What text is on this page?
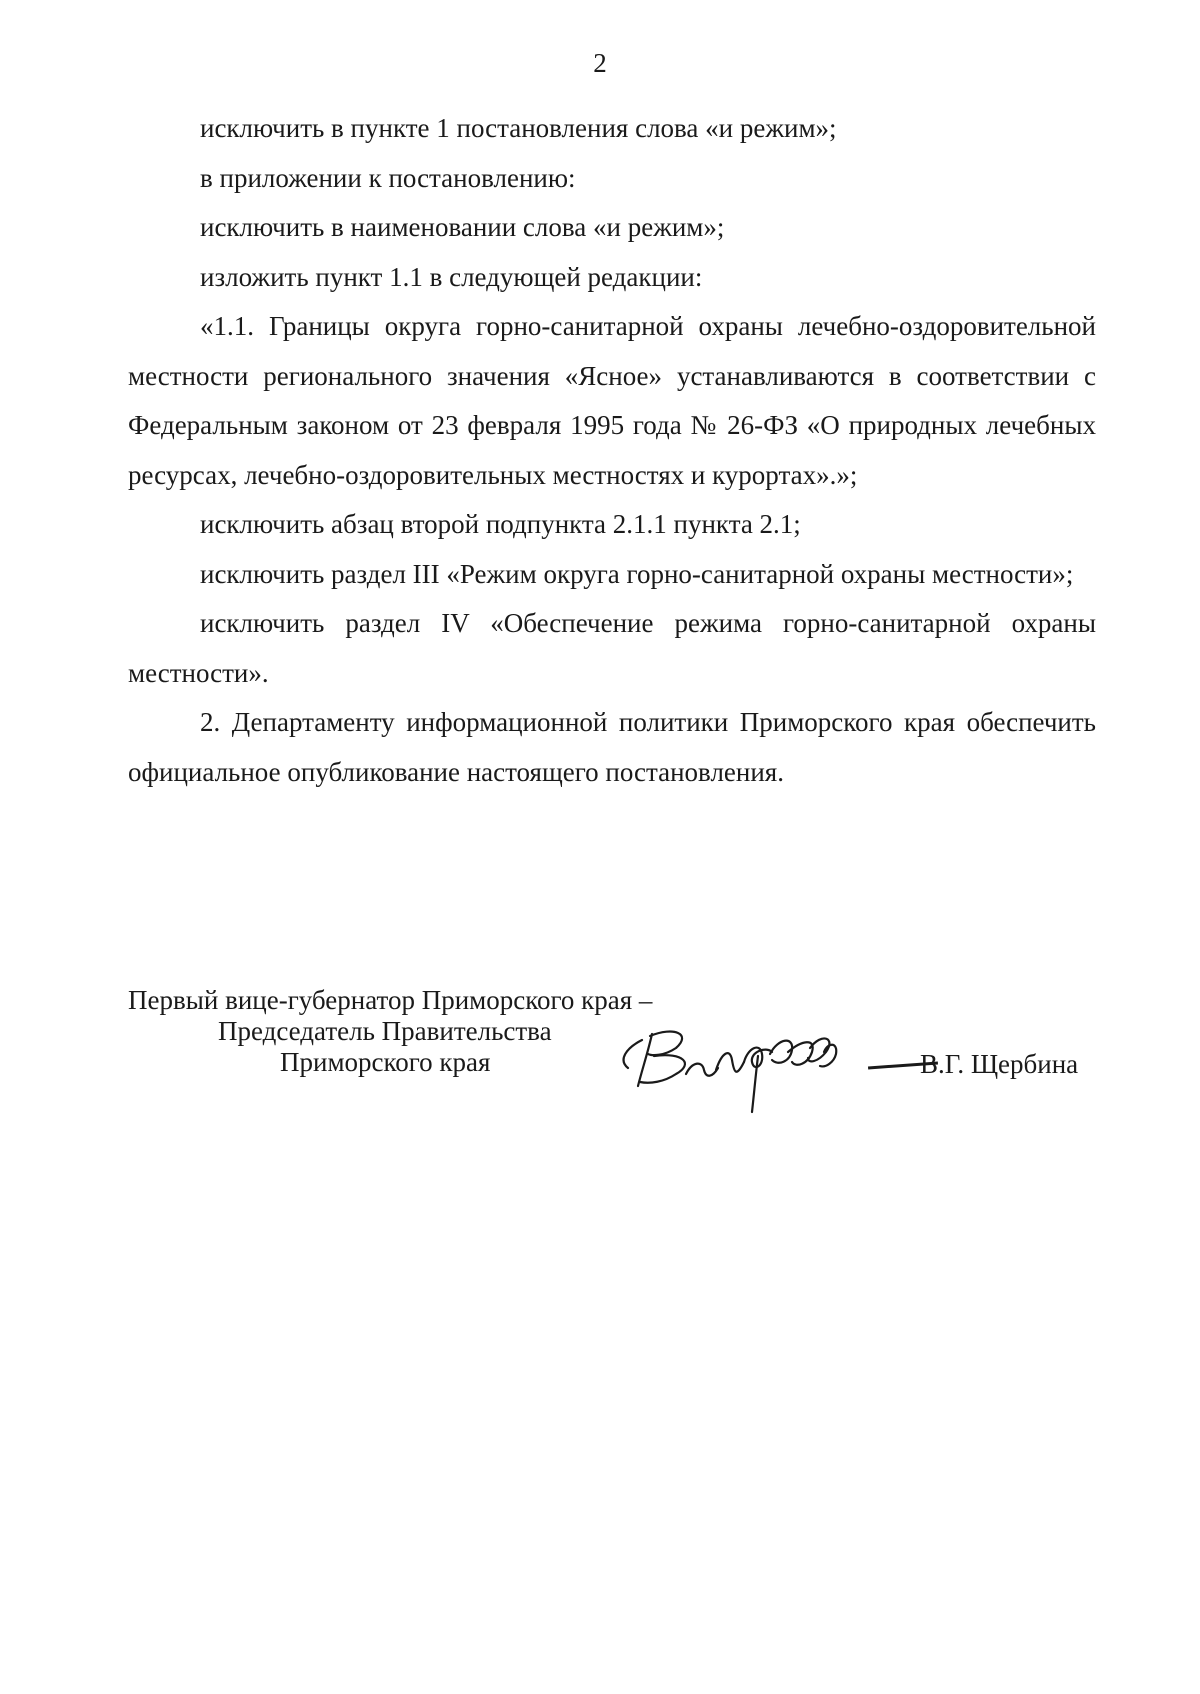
2

исключить в пункте 1 постановления слова «и режим»;

в приложении к постановлению:

исключить в наименовании слова «и режим»;

изложить пункт 1.1 в следующей редакции:

«1.1. Границы округа горно-санитарной охраны лечебно-оздоровительной местности регионального значения «Ясное» устанавливаются в соответствии с Федеральным законом от 23 февраля 1995 года № 26-ФЗ «О природных лечебных ресурсах, лечебно-оздоровительных местностях и курортах».»;

исключить абзац второй подпункта 2.1.1 пункта 2.1;

исключить раздел III «Режим округа горно-санитарной охраны местности»;

исключить раздел IV «Обеспечение режима горно-санитарной охраны местности».

2. Департаменту информационной политики Приморского края обеспечить официальное опубликование настоящего постановления.

Первый вице-губернатор Приморского края –
Председатель Правительства
Приморского края	В.Г. Щербина
